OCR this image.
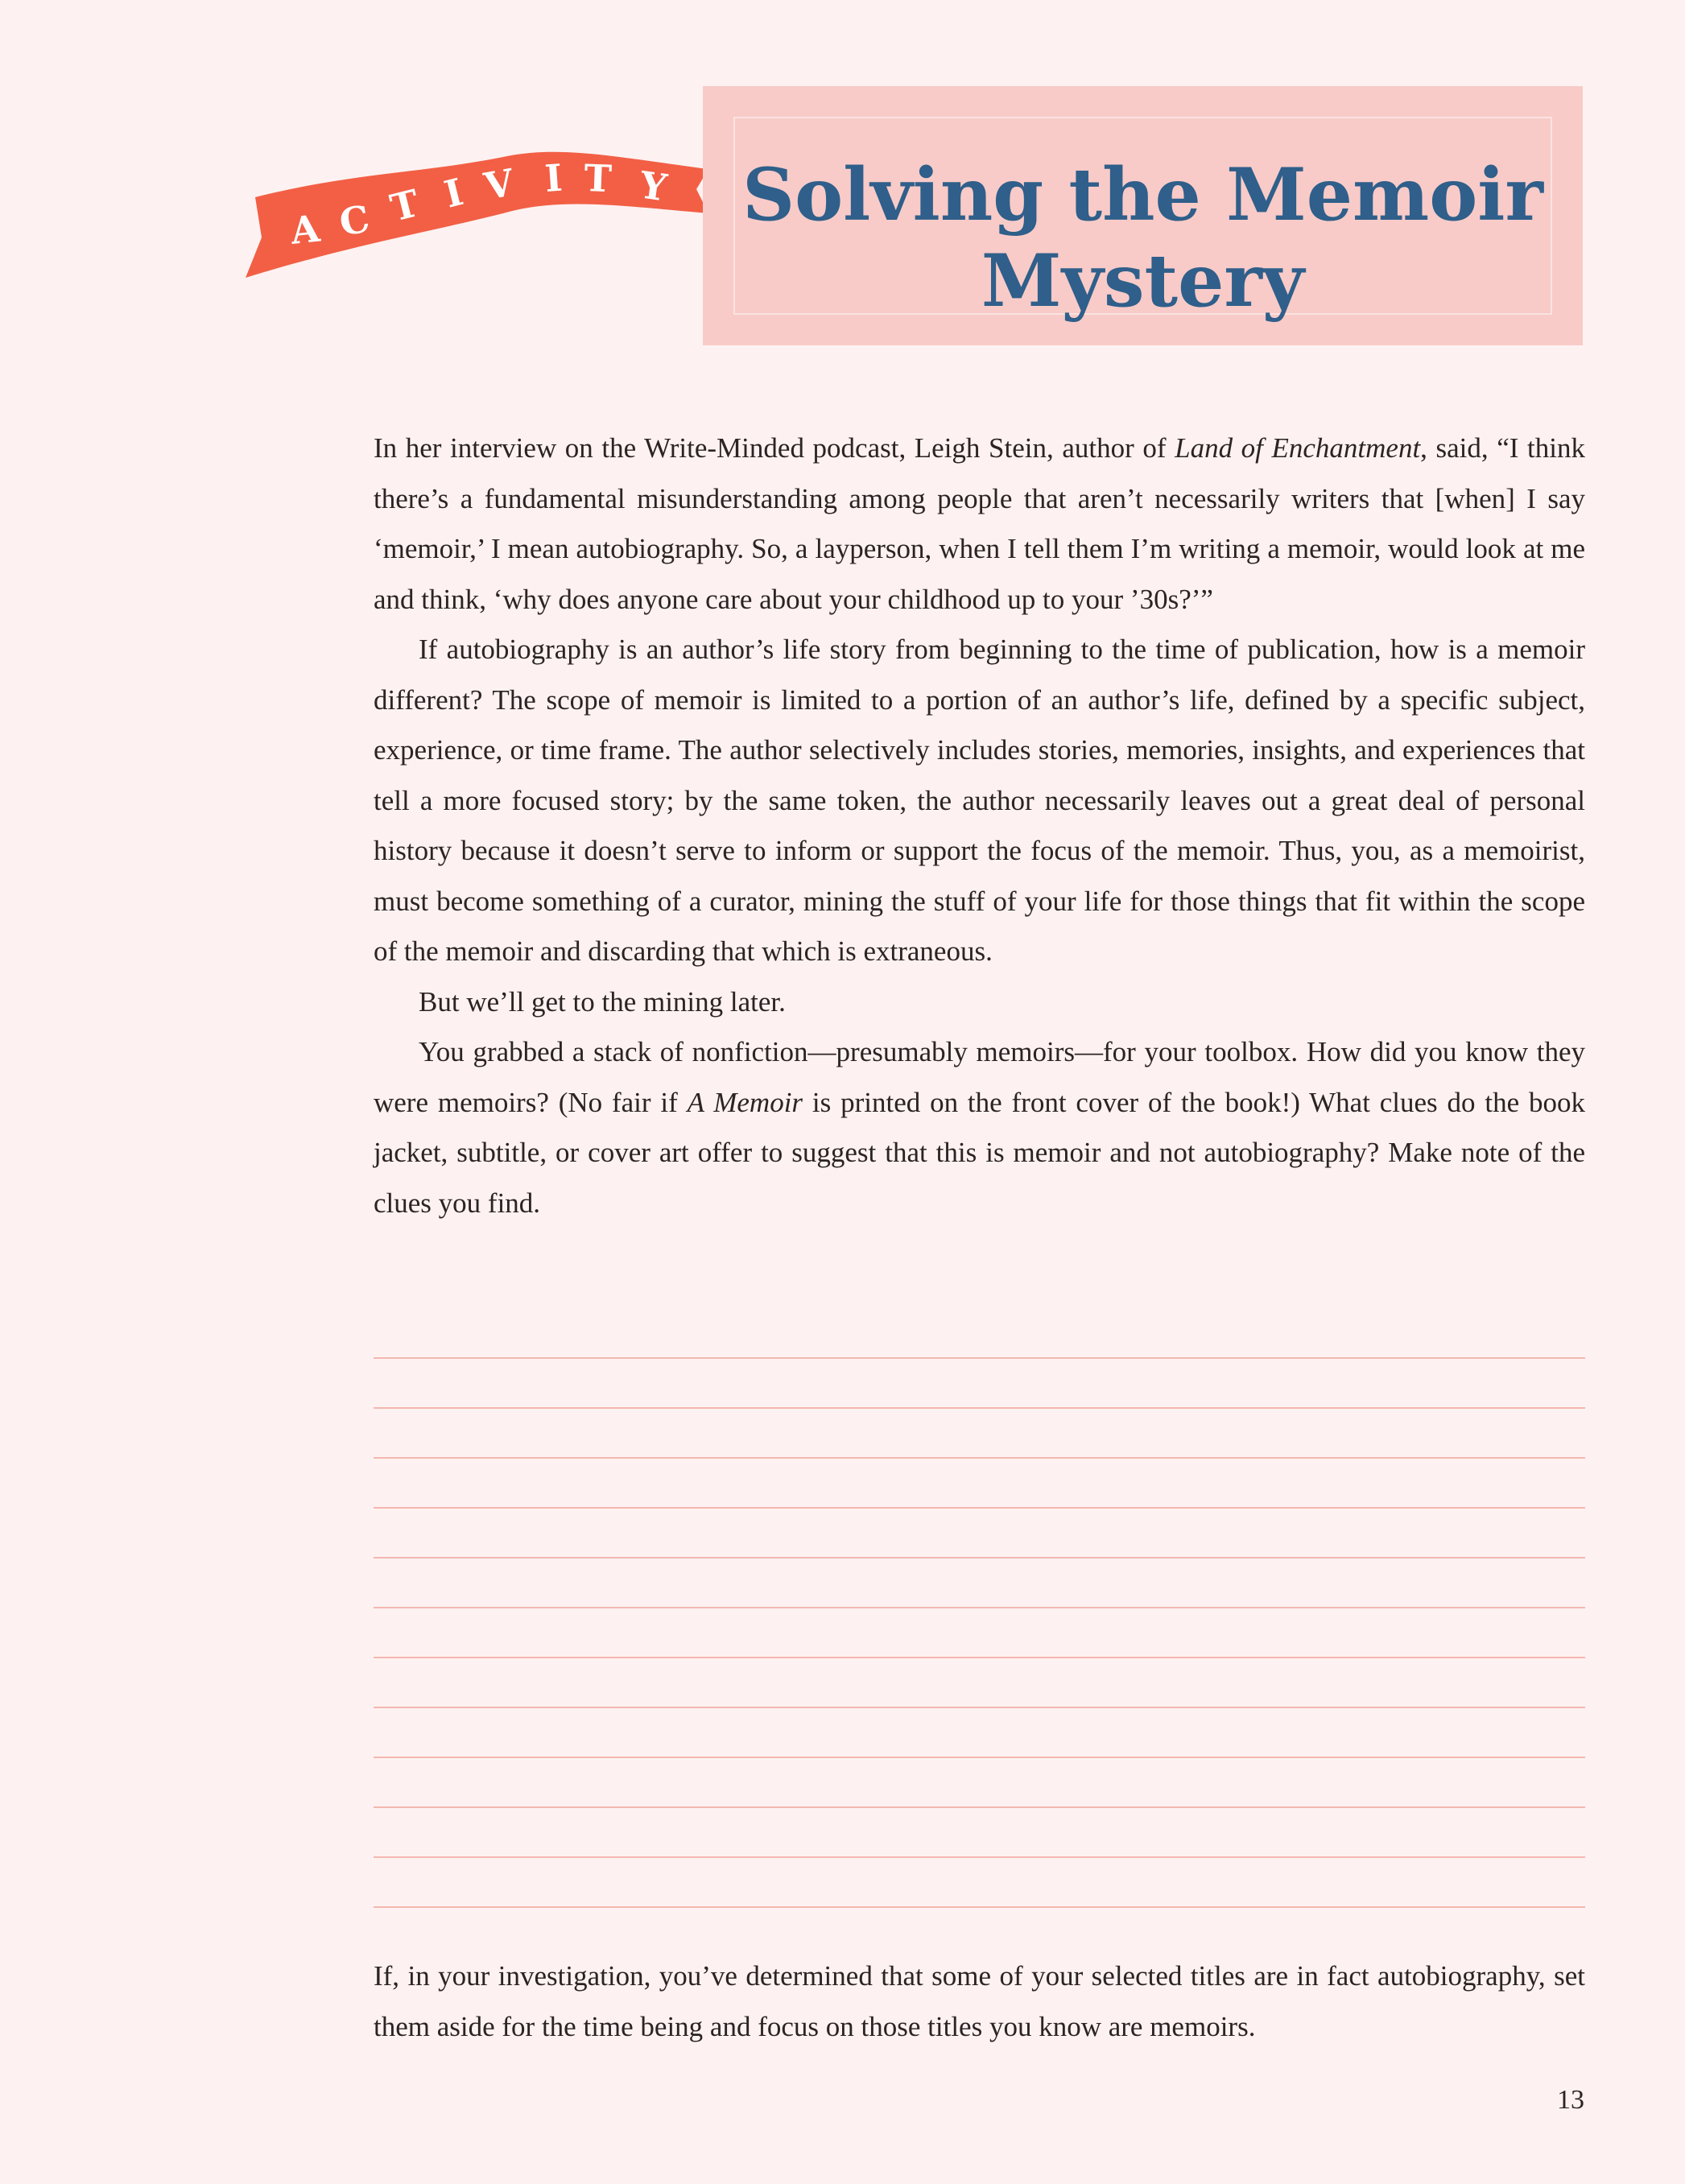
A C T I V I T Y	Solving the Memoir
Mystery

In her interview on the Write-Minded podcast, Leigh Stein, author of Land of Enchantment, said, “I think there’s a fundamental misunderstanding among people that aren’t necessarily writers that [when] I say ‘memoir,’ I mean autobiography. So, a layperson, when I tell them I’m writing a memoir, would look at me and think, ‘why does anyone care about your childhood up to your ’30s?’”

If autobiography is an author’s life story from beginning to the time of publication, how is a memoir different? The scope of memoir is limited to a portion of an author’s life, defined by a specific subject, experience, or time frame. The author selectively includes stories, memories, insights, and experiences that tell a more focused story; by the same token, the author necessarily leaves out a great deal of personal history because it doesn’t serve to inform or support the focus of the memoir. Thus, you, as a memoirist, must become something of a curator, mining the stuff of your life for those things that fit within the scope of the memoir and discarding that which is extraneous.

But we’ll get to the mining later.

You grabbed a stack of nonfiction—presumably memoirs—for your toolbox. How did you know they were memoirs? (No fair if A Memoir is printed on the front cover of the book!) What clues do the book jacket, subtitle, or cover art offer to suggest that this is memoir and not autobiography? Make note of the clues you find.

If, in your investigation, you’ve determined that some of your selected titles are in fact autobiography, set them aside for the time being and focus on those titles you know are memoirs.

13
